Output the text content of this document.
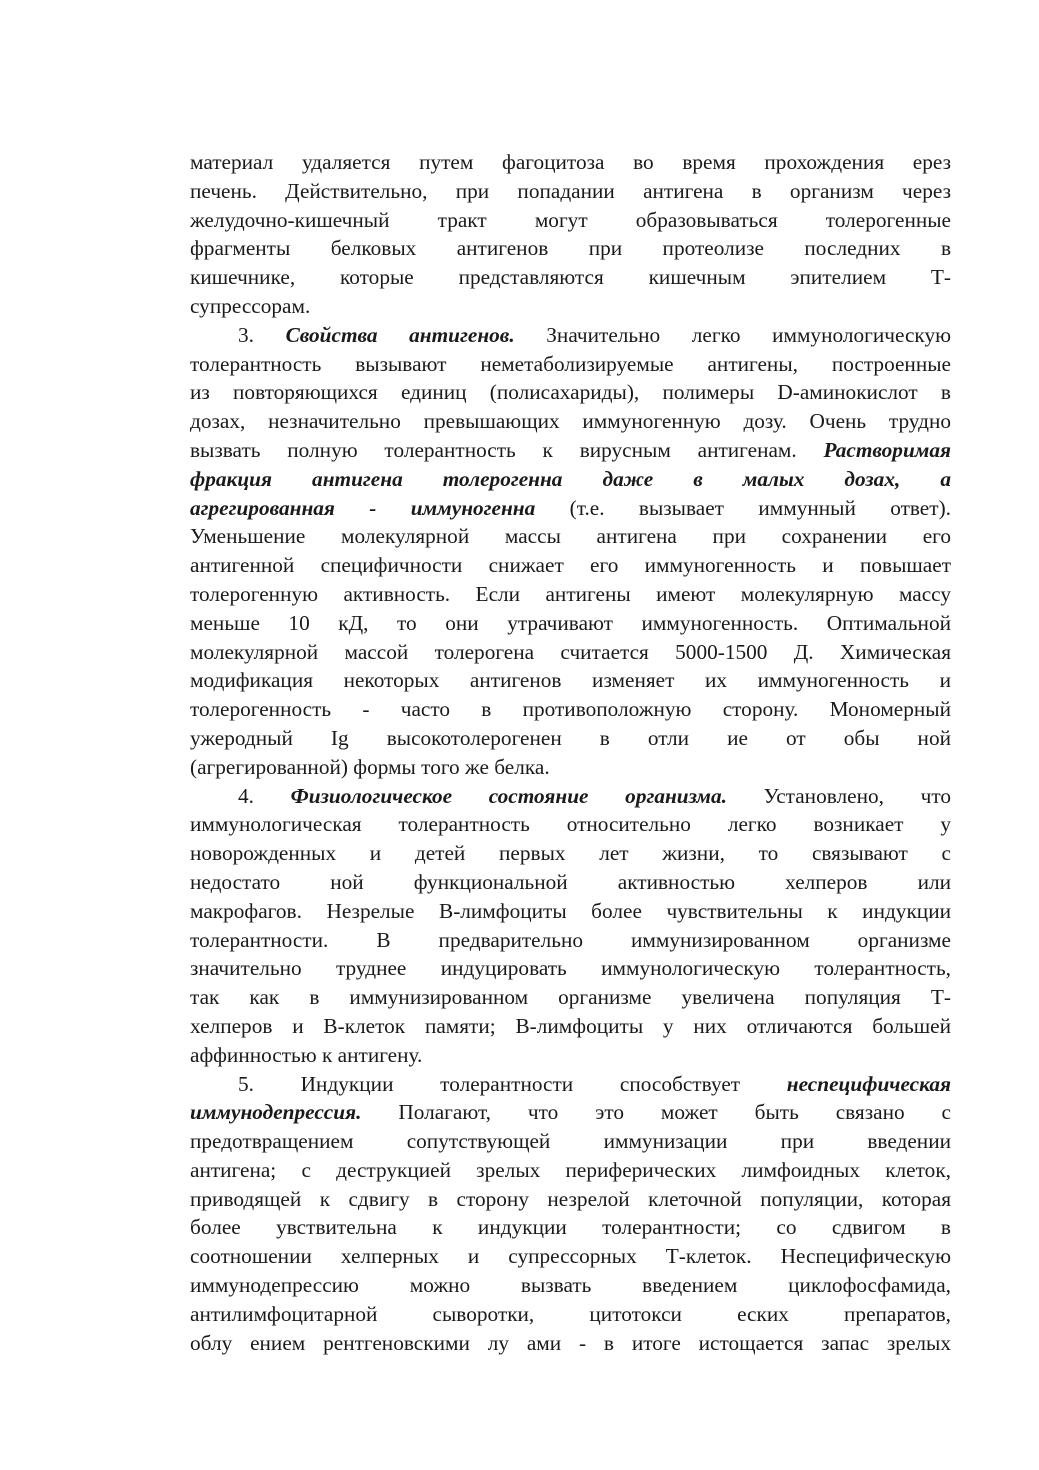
материал удаляется путем фагоцитоза во время прохождения ерез
печень. Действительно, при попадании антигена в организм через
желудочно-кишечный тракт могут образовываться толерогенные
фрагменты белковых антигенов при протеолизе последних в
кишечнике, которые представляются кишечным эпителием Т-
супрессорам.
3. Свойства антигенов. Значительно легко иммунологическую
толерантность вызывают неметаболизируемые антигены, построенные
из повторяющихся единиц (полисахариды), полимеры D-аминокислот в
дозах, незначительно превышающих иммуногенную дозу. Очень трудно
вызвать полную толерантность к вирусным антигенам. Растворимая
фракция антигена толерогенна даже в малых дозах, а
агрегированная - иммуногенна (т.е. вызывает иммунный ответ).
Уменьшение молекулярной массы антигена при сохранении его
антигенной специфичности снижает его иммуногенность и повышает
толерогенную активность. Если антигены имеют молекулярную массу
меньше 10 кД, то они утрачивают иммуногенность. Оптимальной
молекулярной массой толерогена считается 5000-1500 Д. Химическая
модификация некоторых антигенов изменяет их иммуногенность и
толерогенность - часто в противоположную сторону. Мономерный
ужеродный Ig высокотолерогенен в отли ие от обы ной
(агрегированной) формы того же белка.
4. Физиологическое состояние организма. Установлено, что
иммунологическая толерантность относительно легко возникает у
новорожденных и детей первых лет жизни, то связывают с
недостато ной функциональной активностью хелперов или
макрофагов. Незрелые В-лимфоциты более чувствительны к индукции
толерантности. В предварительно иммунизированном организме
значительно труднее индуцировать иммунологическую толерантность,
так как в иммунизированном организме увеличена популяция Т-
хелперов и В-клеток памяти; В-лимфоциты у них отличаются большей
аффинностью к антигену.
5. Индукции толерантности способствует неспецифическая
иммунодепрессия. Полагают, что это может быть связано с
предотвращением сопутствующей иммунизации при введении
антигена; с деструкцией зрелых периферических лимфоидных клеток,
приводящей к сдвигу в сторону незрелой клеточной популяции, которая
более увствительна к индукции толерантности; со сдвигом в
соотношении хелперных и супрессорных Т-клеток. Неспецифическую
иммунодепрессию можно вызвать введением циклофосфамида,
антилимфоцитарной сыворотки, цитотокси еских препаратов,
облу ением рентгеновскими лу ами - в итоге истощается запас зрелых
